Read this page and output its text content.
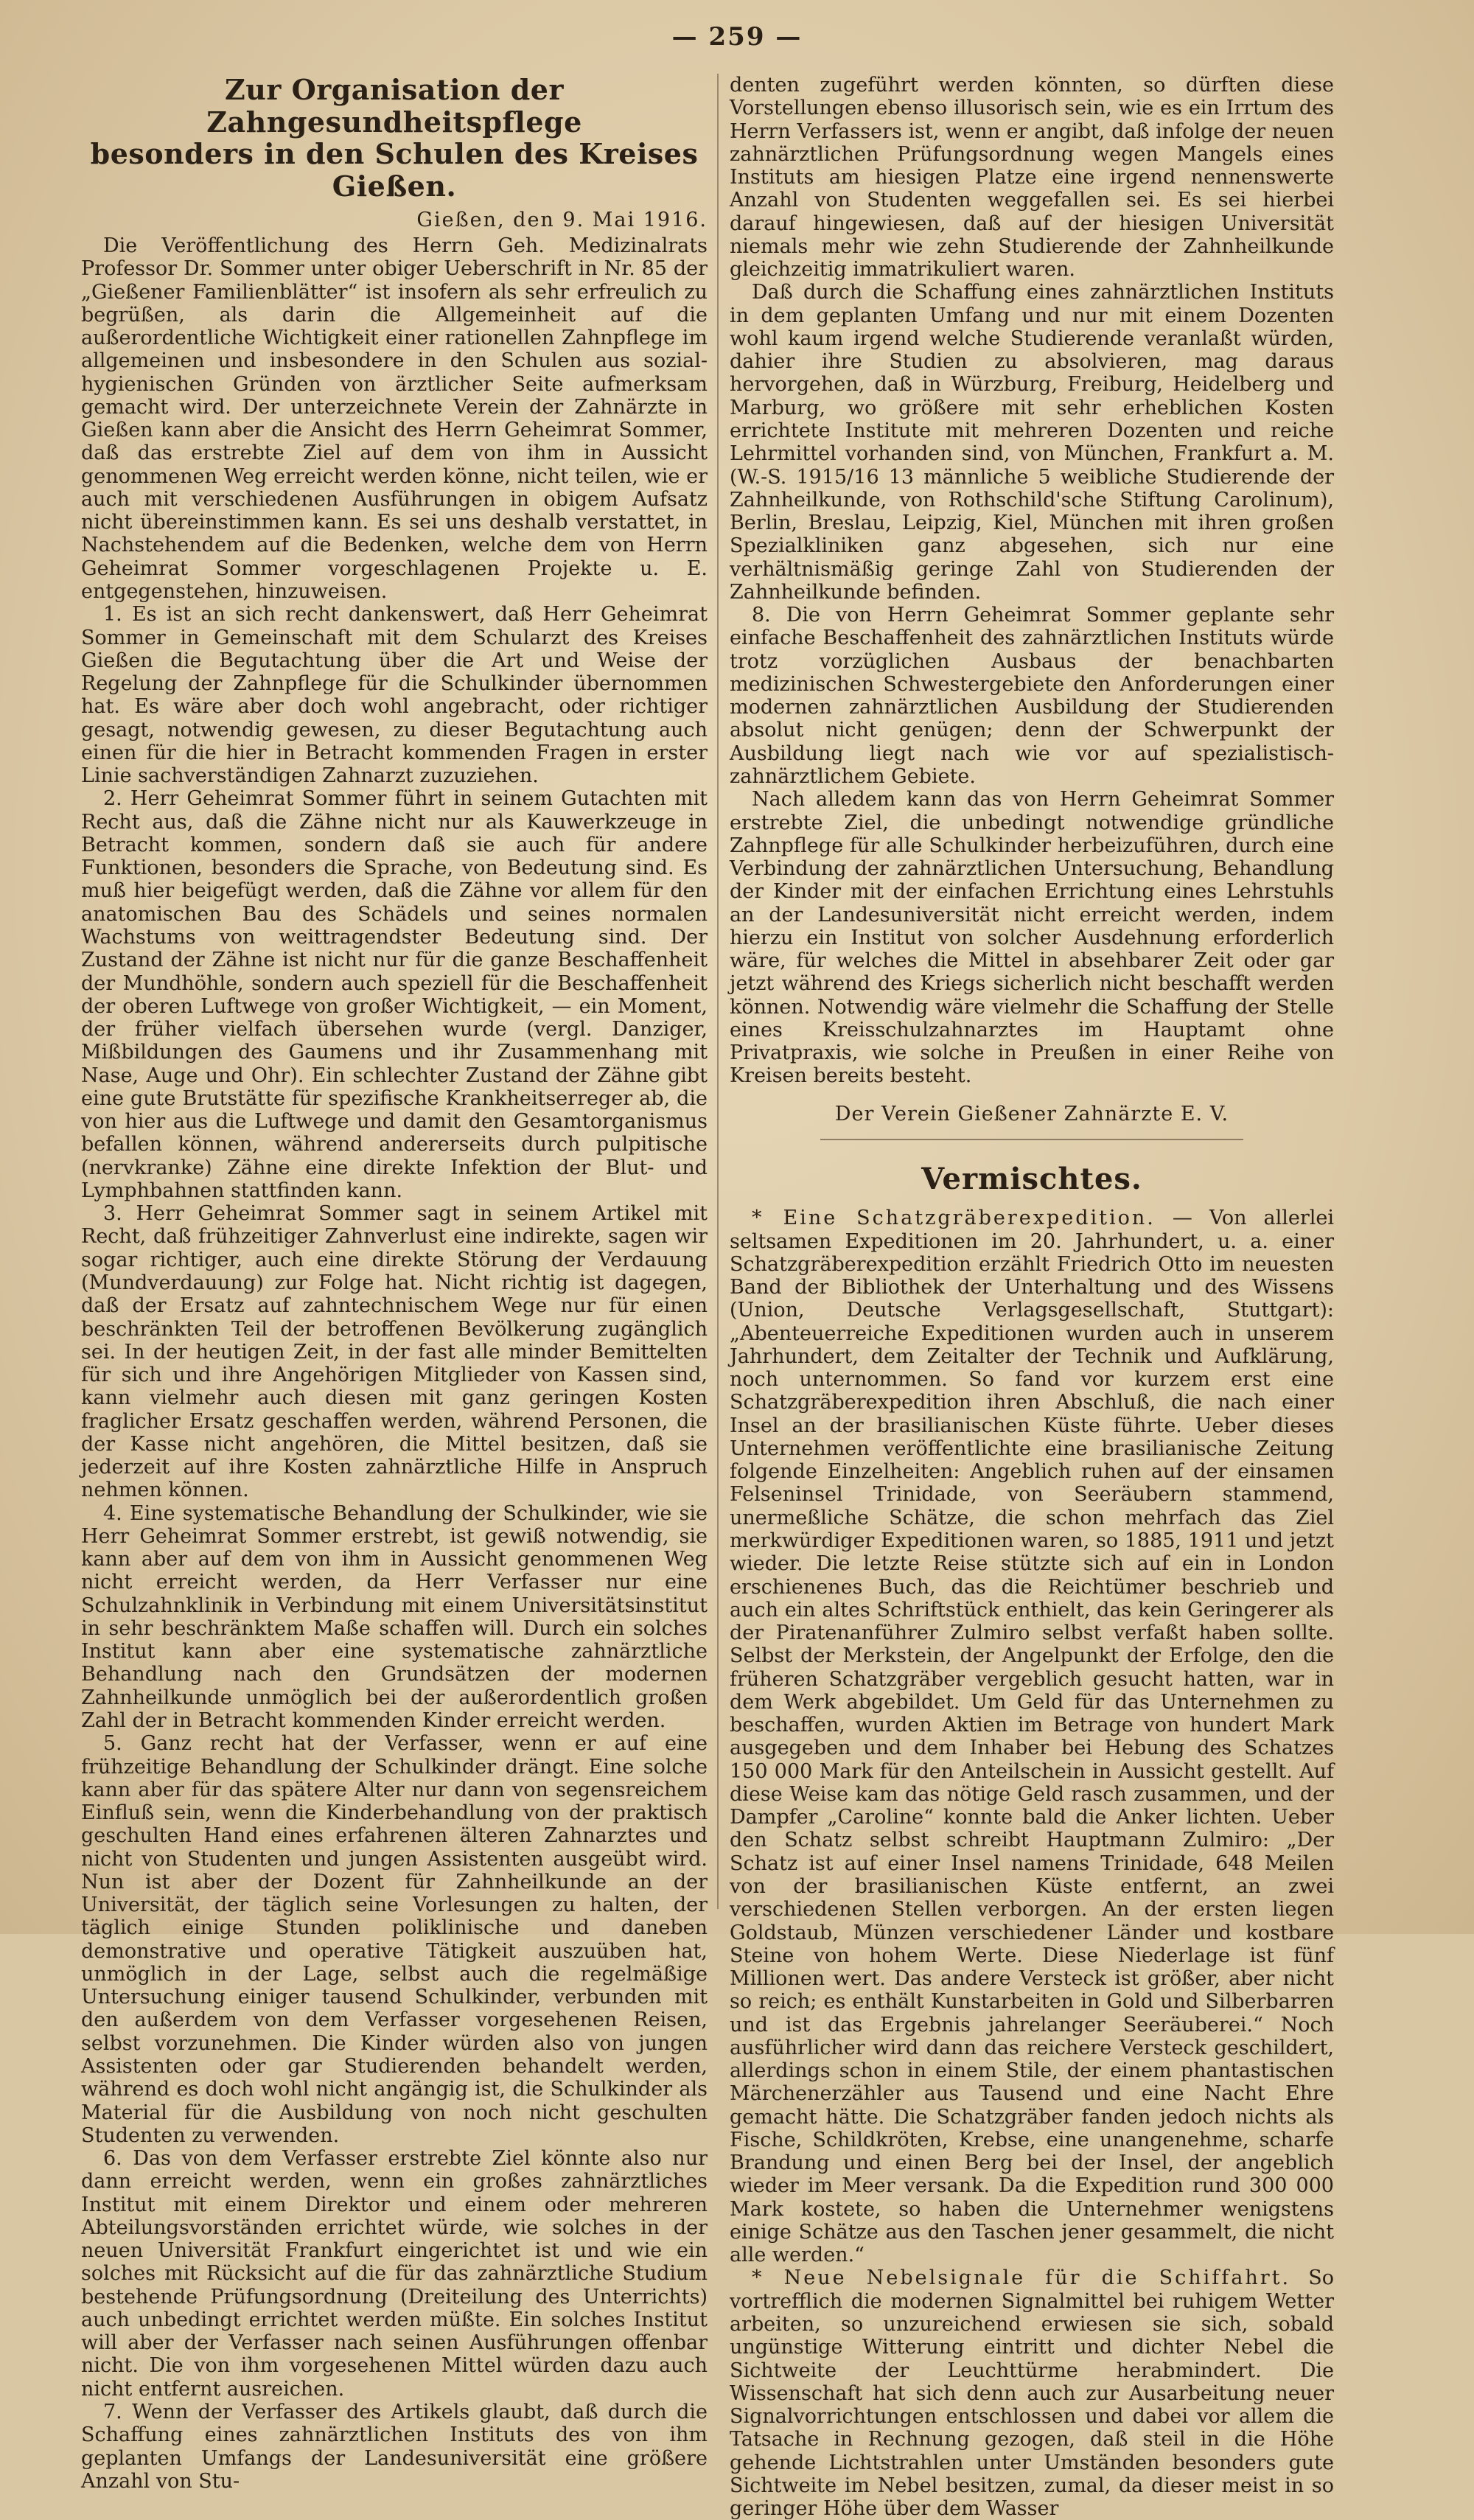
— 259 —
Zur Organisation der Zahngesundheitspflege
besonders in den Schulen des Kreises Gießen.
Gießen, den 9. Mai 1916.

Die Veröffentlichung des Herrn Geh. Medizinalrats Professor Dr. Sommer unter obiger Ueberschrift in Nr. 85 der „Gießener Familienblätter“ ist insofern als sehr erfreulich zu begrüßen, als darin die Allgemeinheit auf die außerordentliche Wichtigkeit einer rationellen Zahnpflege im allgemeinen und insbesondere in den Schulen aus sozial-hygienischen Gründen von ärztlicher Seite aufmerksam gemacht wird. Der unterzeichnete Verein der Zahnärzte in Gießen kann aber die Ansicht des Herrn Geheimrat Sommer, daß das erstrebte Ziel auf dem von ihm in Aussicht genommenen Weg erreicht werden könne, nicht teilen, wie er auch mit verschiedenen Ausführungen in obigem Aufsatz nicht übereinstimmen kann. Es sei uns deshalb verstattet, in Nachstehendem auf die Bedenken, welche dem von Herrn Geheimrat Sommer vorgeschlagenen Projekte u. E. entgegenstehen, hinzuweisen.

1. Es ist an sich recht dankenswert, daß Herr Geheimrat Sommer in Gemeinschaft mit dem Schularzt des Kreises Gießen die Begutachtung über die Art und Weise der Regelung der Zahnpflege für die Schulkinder übernommen hat. Es wäre aber doch wohl angebracht, oder richtiger gesagt, notwendig gewesen, zu dieser Begutachtung auch einen für die hier in Betracht kommenden Fragen in erster Linie sachverständigen Zahnarzt zuzuziehen.

2. Herr Geheimrat Sommer führt in seinem Gutachten mit Recht aus, daß die Zähne nicht nur als Kauwerkzeuge in Betracht kommen, sondern daß sie auch für andere Funktionen, besonders die Sprache, von Bedeutung sind. Es muß hier beigefügt werden, daß die Zähne vor allem für den anatomischen Bau des Schädels und seines normalen Wachstums von weittragendster Bedeutung sind. Der Zustand der Zähne ist nicht nur für die ganze Beschaffenheit der Mundhöhle, sondern auch speziell für die Beschaffenheit der oberen Luftwege von großer Wichtigkeit, — ein Moment, der früher vielfach übersehen wurde (vergl. Danziger, Mißbildungen des Gaumens und ihr Zusammenhang mit Nase, Auge und Ohr). Ein schlechter Zustand der Zähne gibt eine gute Brutstätte für spezifische Krankheitserreger ab, die von hier aus die Luftwege und damit den Gesamtorganismus befallen können, während andererseits durch pulpitische (nervkranke) Zähne eine direkte Infektion der Blut- und Lymphbahnen stattfinden kann.

3. Herr Geheimrat Sommer sagt in seinem Artikel mit Recht, daß frühzeitiger Zahnverlust eine indirekte, sagen wir sogar richtiger, auch eine direkte Störung der Verdauung (Mundverdauung) zur Folge hat. Nicht richtig ist dagegen, daß der Ersatz auf zahntechnischem Wege nur für einen beschränkten Teil der betroffenen Bevölkerung zugänglich sei. In der heutigen Zeit, in der fast alle minder Bemittelten für sich und ihre Angehörigen Mitglieder von Kassen sind, kann vielmehr auch diesen mit ganz geringen Kosten fraglicher Ersatz geschaffen werden, während Personen, die der Kasse nicht angehören, die Mittel besitzen, daß sie jederzeit auf ihre Kosten zahnärztliche Hilfe in Anspruch nehmen können.

4. Eine systematische Behandlung der Schulkinder, wie sie Herr Geheimrat Sommer erstrebt, ist gewiß notwendig, sie kann aber auf dem von ihm in Aussicht genommenen Weg nicht erreicht werden, da Herr Verfasser nur eine Schulzahnklinik in Verbindung mit einem Universitätsinstitut in sehr beschränktem Maße schaffen will. Durch ein solches Institut kann aber eine systematische zahnärztliche Behandlung nach den Grundsätzen der modernen Zahnheilkunde unmöglich bei der außerordentlich großen Zahl der in Betracht kommenden Kinder erreicht werden.

5. Ganz recht hat der Verfasser, wenn er auf eine frühzeitige Behandlung der Schulkinder drängt. Eine solche kann aber für das spätere Alter nur dann von segensreichem Einfluß sein, wenn die Kinderbehandlung von der praktisch geschulten Hand eines erfahrenen älteren Zahnarztes und nicht von Studenten und jungen Assistenten ausgeübt wird. Nun ist aber der Dozent für Zahnheilkunde an der Universität, der täglich seine Vorlesungen zu halten, der täglich einige Stunden poliklinische und daneben demonstrative und operative Tätigkeit auszuüben hat, unmöglich in der Lage, selbst auch die regelmäßige Untersuchung einiger tausend Schulkinder, verbunden mit den außerdem von dem Verfasser vorgesehenen Reisen, selbst vorzunehmen. Die Kinder würden also von jungen Assistenten oder gar Studierenden behandelt werden, während es doch wohl nicht angängig ist, die Schulkinder als Material für die Ausbildung von noch nicht geschulten Studenten zu verwenden.

6. Das von dem Verfasser erstrebte Ziel könnte also nur dann erreicht werden, wenn ein großes zahnärztliches Institut mit einem Direktor und einem oder mehreren Abteilungsvorständen errichtet würde, wie solches in der neuen Universität Frankfurt eingerichtet ist und wie ein solches mit Rücksicht auf die für das zahnärztliche Studium bestehende Prüfungsordnung (Dreiteilung des Unterrichts) auch unbedingt errichtet werden müßte. Ein solches Institut will aber der Verfasser nach seinen Ausführungen offenbar nicht. Die von ihm vorgesehenen Mittel würden dazu auch nicht entfernt ausreichen.

7. Wenn der Verfasser des Artikels glaubt, daß durch die Schaffung eines zahnärztlichen Instituts des von ihm geplanten Umfangs der Landesuniversität eine größere Anzahl von Stu-

denten zugeführt werden könnten, so dürften diese Vorstellungen ebenso illusorisch sein, wie es ein Irrtum des Herrn Verfassers ist, wenn er angibt, daß infolge der neuen zahnärztlichen Prüfungsordnung wegen Mangels eines Instituts am hiesigen Platze eine irgend nennenswerte Anzahl von Studenten weggefallen sei. Es sei hierbei darauf hingewiesen, daß auf der hiesigen Universität niemals mehr wie zehn Studierende der Zahnheilkunde gleichzeitig immatrikuliert waren.

Daß durch die Schaffung eines zahnärztlichen Instituts in dem geplanten Umfang und nur mit einem Dozenten wohl kaum irgend welche Studierende veranlaßt würden, dahier ihre Studien zu absolvieren, mag daraus hervorgehen, daß in Würzburg, Freiburg, Heidelberg und Marburg, wo größere mit sehr erheblichen Kosten errichtete Institute mit mehreren Dozenten und reiche Lehrmittel vorhanden sind, von München, Frankfurt a. M. (W.-S. 1915/16 13 männliche 5 weibliche Studierende der Zahnheilkunde, von Rothschild'sche Stiftung Carolinum), Berlin, Breslau, Leipzig, Kiel, München mit ihren großen Spezialkliniken ganz abgesehen, sich nur eine verhältnismäßig geringe Zahl von Studierenden der Zahnheilkunde befinden.

8. Die von Herrn Geheimrat Sommer geplante sehr einfache Beschaffenheit des zahnärztlichen Instituts würde trotz vorzüglichen Ausbaus der benachbarten medizinischen Schwestergebiete den Anforderungen einer modernen zahnärztlichen Ausbildung der Studierenden absolut nicht genügen; denn der Schwerpunkt der Ausbildung liegt nach wie vor auf spezialistisch-zahnärztlichem Gebiete.

Nach alledem kann das von Herrn Geheimrat Sommer erstrebte Ziel, die unbedingt notwendige gründliche Zahnpflege für alle Schulkinder herbeizuführen, durch eine Verbindung der zahnärztlichen Untersuchung, Behandlung der Kinder mit der einfachen Errichtung eines Lehrstuhls an der Landesuniversität nicht erreicht werden, indem hierzu ein Institut von solcher Ausdehnung erforderlich wäre, für welches die Mittel in absehbarer Zeit oder gar jetzt während des Kriegs sicherlich nicht beschafft werden können. Notwendig wäre vielmehr die Schaffung der Stelle eines Kreisschulzahnarztes im Hauptamt ohne Privatpraxis, wie solche in Preußen in einer Reihe von Kreisen bereits besteht.

Der Verein Gießener Zahnärzte E. V.

Vermischtes.

* Eine Schatzgräberexpedition. — Von allerlei seltsamen Expeditionen im 20. Jahrhundert, u. a. einer Schatzgräberexpedition erzählt Friedrich Otto im neuesten Band der Bibliothek der Unterhaltung und des Wissens (Union, Deutsche Verlagsgesellschaft, Stuttgart): „Abenteuerreiche Expeditionen wurden auch in unserem Jahrhundert, dem Zeitalter der Technik und Aufklärung, noch unternommen. So fand vor kurzem erst eine Schatzgräberexpedition ihren Abschluß, die nach einer Insel an der brasilianischen Küste führte. Ueber dieses Unternehmen veröffentlichte eine brasilianische Zeitung folgende Einzelheiten: Angeblich ruhen auf der einsamen Felseninsel Trinidade, von Seeräubern stammend, unermeßliche Schätze, die schon mehrfach das Ziel merkwürdiger Expeditionen waren, so 1885, 1911 und jetzt wieder. Die letzte Reise stützte sich auf ein in London erschienenes Buch, das die Reichtümer beschrieb und auch ein altes Schriftstück enthielt, das kein Geringerer als der Piratenanführer Zulmiro selbst verfaßt haben sollte. Selbst der Merkstein, der Angelpunkt der Erfolge, den die früheren Schatzgräber vergeblich gesucht hatten, war in dem Werk abgebildet. Um Geld für das Unternehmen zu beschaffen, wurden Aktien im Betrage von hundert Mark ausgegeben und dem Inhaber bei Hebung des Schatzes 150 000 Mark für den Anteilschein in Aussicht gestellt. Auf diese Weise kam das nötige Geld rasch zusammen, und der Dampfer „Caroline“ konnte bald die Anker lichten. Ueber den Schatz selbst schreibt Hauptmann Zulmiro: „Der Schatz ist auf einer Insel namens Trinidade, 648 Meilen von der brasilianischen Küste entfernt, an zwei verschiedenen Stellen verborgen. An der ersten liegen Goldstaub, Münzen verschiedener Länder und kostbare Steine von hohem Werte. Diese Niederlage ist fünf Millionen wert. Das andere Versteck ist größer, aber nicht so reich; es enthält Kunstarbeiten in Gold und Silberbarren und ist das Ergebnis jahrelanger Seeräuberei.“ Noch ausführlicher wird dann das reichere Versteck geschildert, allerdings schon in einem Stile, der einem phantastischen Märchenerzähler aus Tausend und eine Nacht Ehre gemacht hätte. Die Schatzgräber fanden jedoch nichts als Fische, Schildkröten, Krebse, eine unangenehme, scharfe Brandung und einen Berg bei der Insel, der angeblich wieder im Meer versank. Da die Expedition rund 300 000 Mark kostete, so haben die Unternehmer wenigstens einige Schätze aus den Taschen jener gesammelt, die nicht alle werden.“

* Neue Nebelsignale für die Schiffahrt. So vortrefflich die modernen Signalmittel bei ruhigem Wetter arbeiten, so unzureichend erwiesen sie sich, sobald ungünstige Witterung eintritt und dichter Nebel die Sichtweite der Leuchttürme herabmindert. Die Wissenschaft hat sich denn auch zur Ausarbeitung neuer Signalvorrichtungen entschlossen und dabei vor allem die Tatsache in Rechnung gezogen, daß steil in die Höhe gehende Lichtstrahlen unter Umständen besonders gute Sichtweite im Nebel besitzen, zumal, da dieser meist in so geringer Höhe über dem Wasser
